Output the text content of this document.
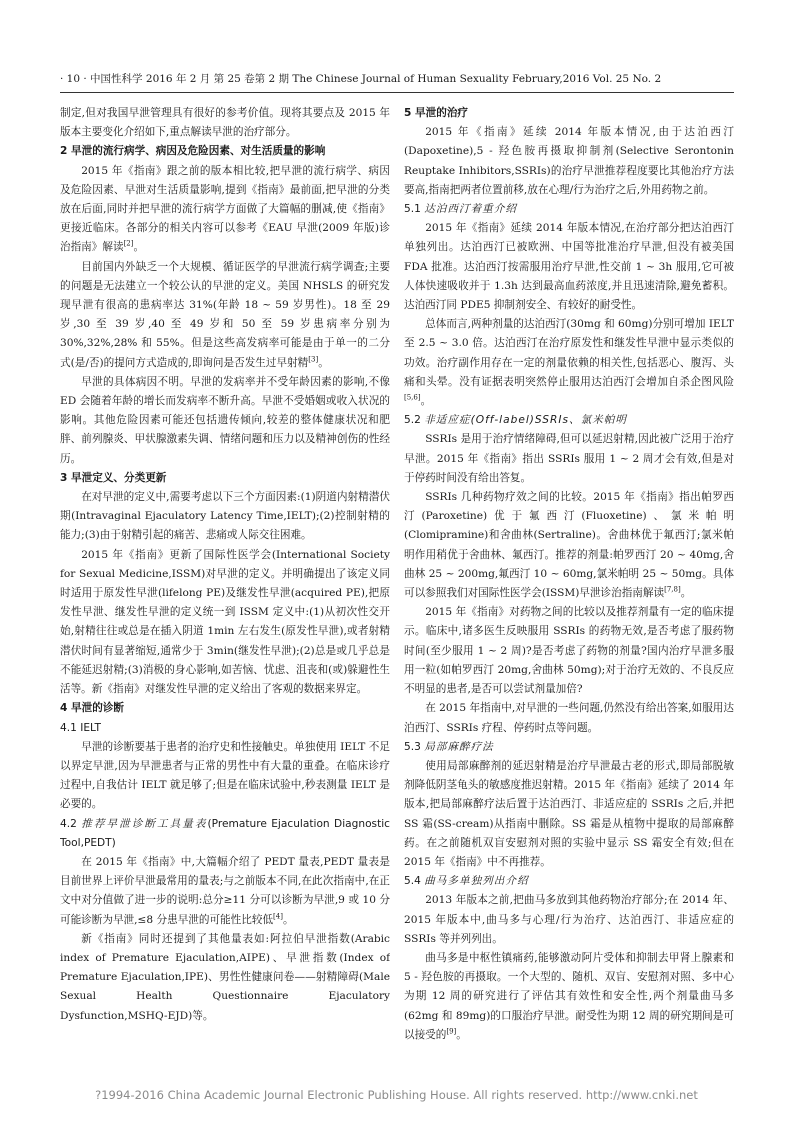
· 10 · 中国性科学 2016 年 2 月 第 25 卷第 2 期 The Chinese Journal of Human Sexuality February,2016 Vol. 25 No. 2

制定,但对我国早泄管理具有很好的参考价值。现将其要点及 2015 年版本主要变化介绍如下,重点解读早泄的治疗部分。

2 早泄的流行病学、病因及危险因素、对生活质量的影响

2015 年《指南》跟之前的版本相比较,把早泄的流行病学、病因及危险因素、早泄对生活质量影响,提到《指南》最前面,把早泄的分类放在后面,同时并把早泄的流行病学方面做了大篇幅的删减,使《指南》更接近临床。各部分的相关内容可以参考《EAU 早泄(2009 年版)诊治指南》解读[2]。

目前国内外缺乏一个大规模、循证医学的早泄流行病学调查;主要的问题是无法建立一个较公认的早泄的定义。美国 NHSLS 的研究发现早泄有很高的患病率达 31%(年龄 18 ~ 59 岁男性)。18 至 29 岁,30 至 39 岁,40 至 49 岁和 50 至 59 岁患病率分别为 30%,32%,28% 和 55%。但是这些高发病率可能是由于单一的二分式(是/否)的提问方式造成的,即询问是否发生过早射精[3]。

早泄的具体病因不明。早泄的发病率并不受年龄因素的影响,不像 ED 会随着年龄的增长而发病率不断升高。早泄不受婚姻或收入状况的影响。其他危险因素可能还包括遗传倾向,较差的整体健康状况和肥胖、前列腺炎、甲状腺激素失调、情绪问题和压力以及精神创伤的性经历。

3 早泄定义、分类更新

在对早泄的定义中,需要考虑以下三个方面因素:(1)阴道内射精潜伏期(Intravaginal Ejaculatory Latency Time,IELT);(2)控制射精的能力;(3)由于射精引起的痛苦、悲痛或人际交往困难。

2015 年《指南》更新了国际性医学会(International Society for Sexual Medicine,ISSM)对早泄的定义。并明确提出了该定义同时适用于原发性早泄(lifelong PE)及继发性早泄(acquired PE),把原发性早泄、继发性早泄的定义统一到 ISSM 定义中:(1)从初次性交开始,射精往往或总是在插入阴道 1min 左右发生(原发性早泄),或者射精潜伏时间有显著缩短,通常少于 3min(继发性早泄);(2)总是或几乎总是不能延迟射精;(3)消极的身心影响,如苦恼、忧虑、沮丧和(或)躲避性生活等。新《指南》对继发性早泄的定义给出了客观的数据来界定。

4 早泄的诊断

4.1 IELT

早泄的诊断要基于患者的治疗史和性接触史。单独使用 IELT 不足以界定早泄,因为早泄患者与正常的男性中有大量的重叠。在临床诊疗过程中,自我估计 IELT 就足够了;但是在临床试验中,秒表测量 IELT 是必要的。

4.2 推荐早泄诊断工具量表(Premature Ejaculation Diagnostic Tool,PEDT)

在 2015 年《指南》中,大篇幅介绍了 PEDT 量表,PEDT 量表是目前世界上评价早泄最常用的量表;与之前版本不同,在此次指南中,在正文中对分值做了进一步的说明:总分≥11 分可以诊断为早泄,9 或 10 分可能诊断为早泄,≤8 分患早泄的可能性比较低[4]。

新《指南》同时还提到了其他量表如:阿拉伯早泄指数(Arabic index of Premature Ejaculation,AIPE)、早泄指数(Index of Premature Ejaculation,IPE)、男性性健康问卷——射精障碍(Male Sexual Health Questionnaire Ejaculatory Dysfunction,MSHQ-EJD)等。

5 早泄的治疗

2015 年《指南》延续 2014 年版本情况,由于达泊西汀(Dapoxetine),5 - 羟色胺再摄取抑制剂(Selective Serontonin Reuptake Inhibitors,SSRIs)的治疗早泄推荐程度要比其他治疗方法要高,指南把两者位置前移,放在心理/行为治疗之后,外用药物之前。

5.1 达泊西汀着重介绍

2015 年《指南》延续 2014 年版本情况,在治疗部分把达泊西汀单独列出。达泊西汀已被欧洲、中国等批准治疗早泄,但没有被美国 FDA 批准。达泊西汀按需服用治疗早泄,性交前 1 ~ 3h 服用,它可被人体快速吸收并于 1.3h 达到最高血药浓度,并且迅速清除,避免蓄积。达泊西汀同 PDE5 抑制剂安全、有较好的耐受性。

总体而言,两种剂量的达泊西汀(30mg 和 60mg)分别可增加 IELT 至 2.5 ~ 3.0 倍。达泊西汀在治疗原发性和继发性早泄中显示类似的功效。治疗副作用存在一定的剂量依赖的相关性,包括恶心、腹泻、头痛和头晕。没有证据表明突然停止服用达泊西汀会增加自杀企图风险[5,6]。

5.2 非适应症(Off-label)SSRIs、氯米帕明

SSRIs 是用于治疗情绪障碍,但可以延迟射精,因此被广泛用于治疗早泄。2015 年《指南》指出 SSRIs 服用 1 ~ 2 周才会有效,但是对于停药时间没有给出答复。

SSRIs 几种药物疗效之间的比较。2015 年《指南》指出帕罗西汀(Paroxetine)优于氟西汀(Fluoxetine)、氯米帕明(Clomipramine)和舍曲林(Sertraline)。舍曲林优于氟西汀;氯米帕明作用稍优于舍曲林、氟西汀。推荐的剂量:帕罗西汀 20 ~ 40mg,舍曲林 25 ~ 200mg,氟西汀 10 ~ 60mg,氯米帕明 25 ~ 50mg。具体可以参照我们对国际性医学会(ISSM)早泄诊治指南解读[7,8]。

2015 年《指南》对药物之间的比较以及推荐剂量有一定的临床提示。临床中,诸多医生反映服用 SSRIs 的药物无效,是否考虑了服药物时间(至少服用 1 ~ 2 周)?是否考虑了药物的剂量?国内治疗早泄多服用一粒(如帕罗西汀 20mg,舍曲林 50mg);对于治疗无效的、不良反应不明显的患者,是否可以尝试剂量加倍?

在 2015 年指南中,对早泄的一些问题,仍然没有给出答案,如服用达泊西汀、SSRIs 疗程、停药时点等问题。

5.3 局部麻醉疗法

使用局部麻醉剂的延迟射精是治疗早泄最古老的形式,即局部脱敏剂降低阴茎龟头的敏感度推迟射精。2015 年《指南》延续了 2014 年版本,把局部麻醉疗法后置于达泊西汀、非适应症的 SSRIs 之后,并把 SS 霜(SS-cream)从指南中删除。SS 霜是从植物中提取的局部麻醉药。在之前随机双盲安慰剂对照的实验中显示 SS 霜安全有效;但在 2015 年《指南》中不再推荐。

5.4 曲马多单独列出介绍

2013 年版本之前,把曲马多放到其他药物治疗部分;在 2014 年、2015 年版本中,曲马多与心理/行为治疗、达泊西汀、非适应症的 SSRIs 等并列列出。

曲马多是中枢性镇痛药,能够激动阿片受体和抑制去甲肾上腺素和 5 - 羟色胺的再摄取。一个大型的、随机、双盲、安慰剂对照、多中心为期 12 周的研究进行了评估其有效性和安全性,两个剂量曲马多(62mg 和 89mg)的口服治疗早泄。耐受性为期 12 周的研究期间是可以接受的[9]。

?1994-2016 China Academic Journal Electronic Publishing House. All rights reserved. http://www.cnki.net
